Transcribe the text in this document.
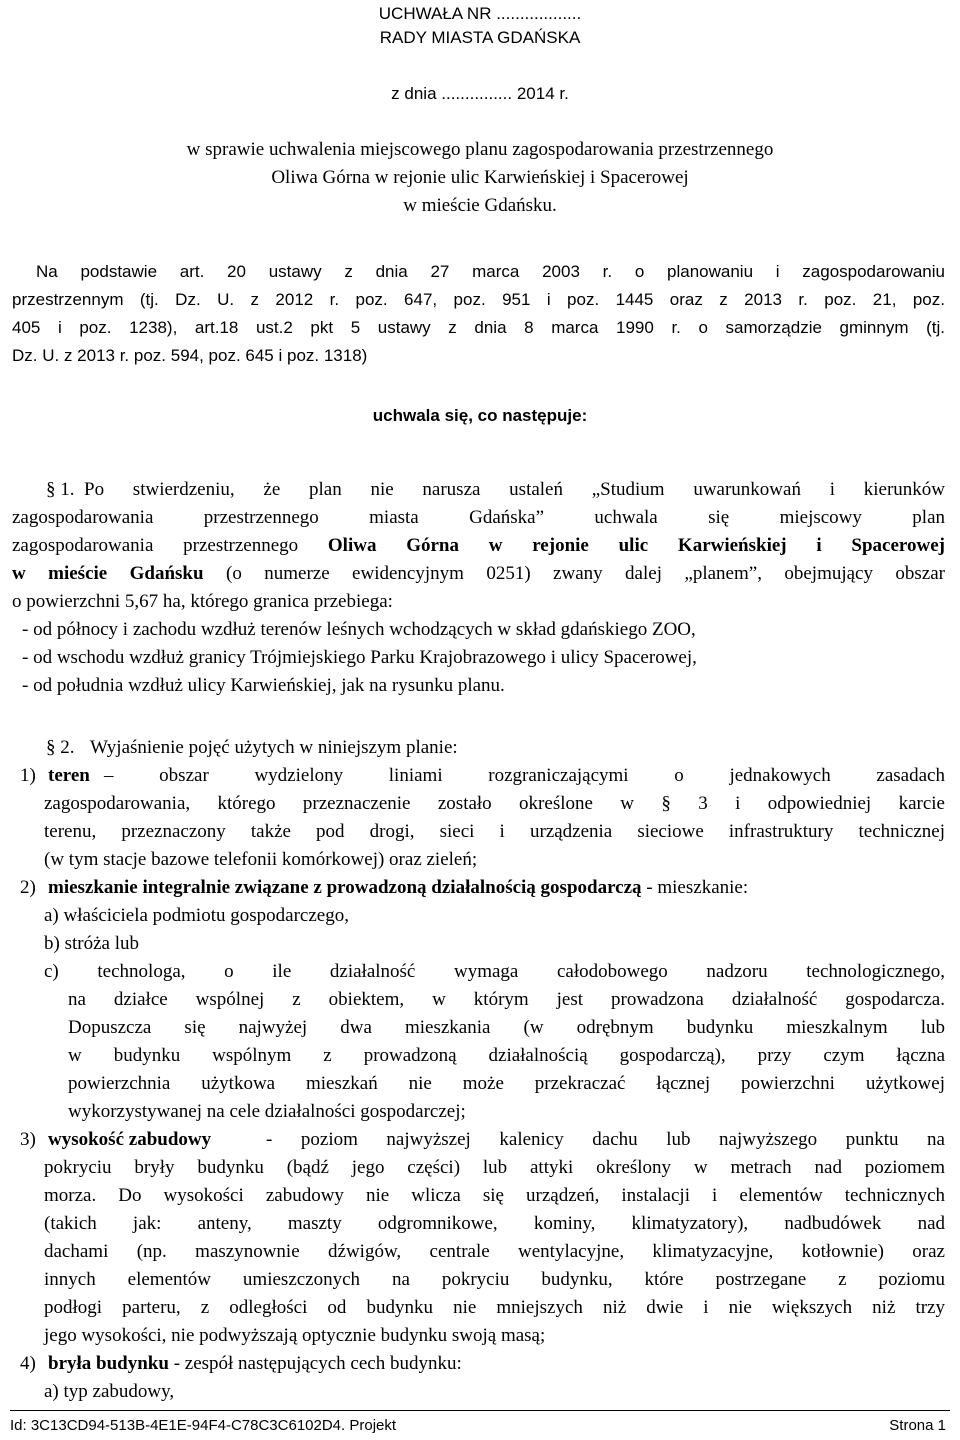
UCHWAŁA NR ..................
RADY MIASTA GDAŃSKA
z dnia ............... 2014 r.
w sprawie uchwalenia miejscowego planu zagospodarowania przestrzennego
Oliwa Górna w rejonie ulic Karwieńskiej i Spacerowej
w mieście Gdańsku.
Na podstawie art. 20 ustawy z dnia 27 marca 2003 r. o planowaniu i zagospodarowaniu
przestrzennym (tj. Dz. U. z 2012 r. poz. 647, poz. 951 i poz. 1445 oraz z 2013 r. poz. 21, poz.
405 i poz. 1238), art.18 ust.2 pkt 5 ustawy z dnia 8 marca 1990 r. o samorządzie gminnym (tj.
Dz. U. z 2013 r. poz. 594, poz. 645 i poz. 1318)
uchwala się, co następuje:
§ 1. Po stwierdzeniu, że plan nie narusza ustaleń „Studium uwarunkowań i kierunków
zagospodarowania przestrzennego miasta Gdańska” uchwala się miejscowy plan
zagospodarowania przestrzennego Oliwa Górna w rejonie ulic Karwieńskiej i Spacerowej
w mieście Gdańsku (o numerze ewidencyjnym 0251) zwany dalej „planem”, obejmujący obszar
o powierzchni 5,67 ha, którego granica przebiega:
- od północy i zachodu wzdłuż terenów leśnych wchodzących w skład gdańskiego ZOO,
- od wschodu wzdłuż granicy Trójmiejskiego Parku Krajobrazowego i ulicy Spacerowej,
- od południa wzdłuż ulicy Karwieńskiej, jak na rysunku planu.
§ 2. Wyjaśnienie pojęć użytych w niniejszym planie:
1) teren – obszar wydzielony liniami rozgraniczającymi o jednakowych zasadach
zagospodarowania, którego przeznaczenie zostało określone w § 3 i odpowiedniej karcie
terenu, przeznaczony także pod drogi, sieci i urządzenia sieciowe infrastruktury technicznej
(w tym stacje bazowe telefonii komórkowej) oraz zieleń;
2) mieszkanie integralnie związane z prowadzoną działalnością gospodarczą - mieszkanie:
a) właściciela podmiotu gospodarczego,
b) stróża lub
c) technologa, o ile działalność wymaga całodobowego nadzoru technologicznego,
na działce wspólnej z obiektem, w którym jest prowadzona działalność gospodarcza.
Dopuszcza się najwyżej dwa mieszkania (w odrębnym budynku mieszkalnym lub
w budynku wspólnym z prowadzoną działalnością gospodarczą), przy czym łączna
powierzchnia użytkowa mieszkań nie może przekraczać łącznej powierzchni użytkowej
wykorzystywanej na cele działalności gospodarczej;
3) wysokość zabudowy	- poziom najwyższej kalenicy dachu lub najwyższego punktu na
pokryciu bryły budynku (bądź jego części) lub attyki określony w metrach nad poziomem
morza. Do wysokości zabudowy nie wlicza się urządzeń, instalacji i elementów technicznych
(takich jak: anteny, maszty odgromnikowe, kominy, klimatyzatory), nadbudówek nad
dachami (np. maszynownie dźwigów, centrale wentylacyjne, klimatyzacyjne, kotłownie) oraz
innych elementów umieszczonych na pokryciu budynku, które postrzegane z poziomu
podłogi parteru, z odległości od budynku nie mniejszych niż dwie i nie większych niż trzy
jego wysokości, nie podwyższają optycznie budynku swoją masą;
4) bryła budynku - zespół następujących cech budynku:
a) typ zabudowy,
Id: 3C13CD94-513B-4E1E-94F4-C78C3C6102D4. Projekt	Strona 1
